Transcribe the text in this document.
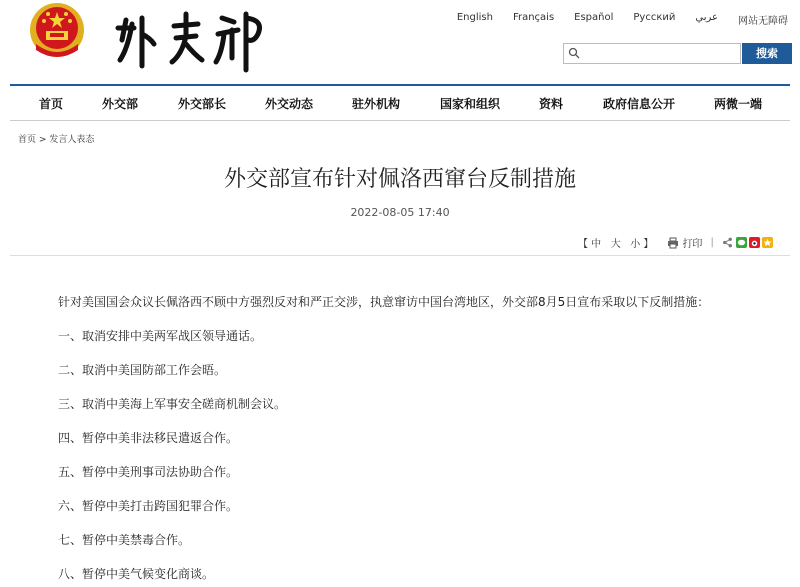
English Français Español Русский عربي 网站无障碍
搜索
首页	外交部	外交部长	外交动态	驻外机构	国家和组织	资料	政府信息公开	两微一端
首页 > 发言人表态
外交部宣布针对佩洛西窜台反制措施
2022-08-05 17:40
【 中   大   小 】	打印 |
针对美国国会众议长佩洛西不顾中方强烈反对和严正交涉，执意窜访中国台湾地区，外交部8月5日宣布采取以下反制措施：
一、取消安排中美两军战区领导通话。
二、取消中美国防部工作会晤。
三、取消中美海上军事安全磋商机制会议。
四、暂停中美非法移民遣返合作。
五、暂停中美刑事司法协助合作。
六、暂停中美打击跨国犯罪合作。
七、暂停中美禁毒合作。
八、暂停中美气候变化商谈。
